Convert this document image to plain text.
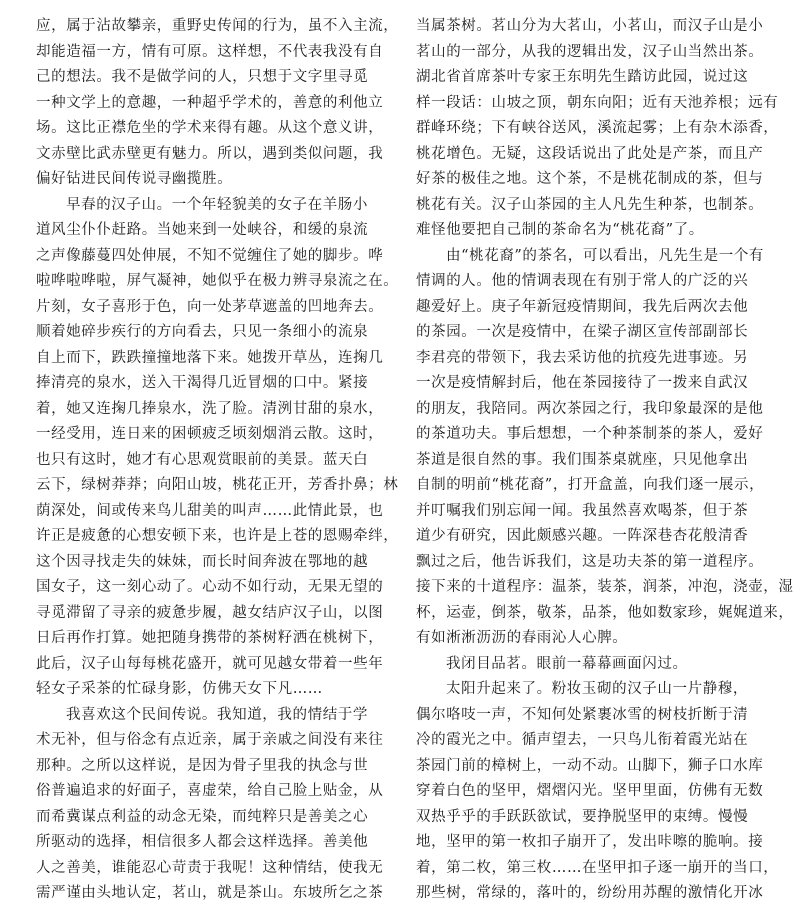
应，属于沾故攀亲，重野史传闻的行为，虽不入主流，
却能造福一方，情有可原。这样想，不代表我没有自
己的想法。我不是做学问的人，只想于文字里寻觅
一种文学上的意趣，一种超乎学术的，善意的利他立
场。这比正襟危坐的学术来得有趣。从这个意义讲，
文赤壁比武赤壁更有魅力。所以，遇到类似问题，我
偏好钻进民间传说寻幽揽胜。
早春的汉子山。一个年轻貌美的女子在羊肠小
道风尘仆仆赶路。当她来到一处峡谷，和缓的泉流
之声像藤蔓四处伸展，不知不觉缠住了她的脚步。哗
啦哗啦哗啦，屏气凝神，她似乎在极力辨寻泉流之在。
片刻，女子喜形于色，向一处茅草遮盖的凹地奔去。
顺着她碎步疾行的方向看去，只见一条细小的流泉
自上而下，跌跌撞撞地落下来。她拨开草丛，连掬几
捧清亮的泉水，送入干渴得几近冒烟的口中。紧接
着，她又连掬几捧泉水，洗了脸。清洌甘甜的泉水，
一经受用，连日来的困顿疲乏顷刻烟消云散。这时，
也只有这时，她才有心思观赏眼前的美景。蓝天白
云下，绿树莽莽；向阳山坡，桃花正开，芳香扑鼻；林
荫深处，间或传来鸟儿甜美的叫声……此情此景，也
许正是疲惫的心想安顿下来，也许是上苍的恩赐牵绊，
这个因寻找走失的妹妹，而长时间奔波在鄂地的越
国女子，这一刻心动了。心动不如行动，无果无望的
寻觅滞留了寻亲的疲惫步履，越女结庐汉子山，以图
日后再作打算。她把随身携带的茶树籽洒在桃树下，
此后，汉子山每每桃花盛开，就可见越女带着一些年
轻女子采茶的忙碌身影，仿佛天女下凡……
我喜欢这个民间传说。我知道，我的情结于学
术无补，但与俗念有点近亲，属于亲戚之间没有来往
那种。之所以这样说，是因为骨子里我的执念与世
俗普遍追求的好面子，喜虚荣，给自己脸上贴金，从
而希冀谋点利益的动念无染，而纯粹只是善美之心
所驱动的选择，相信很多人都会这样选择。善美他
人之善美，谁能忍心苛责于我呢！这种情结，使我无
需严谨由头地认定，茗山，就是茶山。东坡所乞之茶
当属茶树。茗山分为大茗山，小茗山，而汉子山是小
茗山的一部分，从我的逻辑出发，汉子山当然出茶。
湖北省首席茶叶专家王东明先生踏访此园，说过这
样一段话：山坡之顶，朝东向阳；近有天池养根；远有
群峰环绕；下有峡谷送风，溪流起雾；上有杂木添香，
桃花增色。无疑，这段话说出了此处是产茶，而且产
好茶的极佳之地。这个茶，不是桃花制成的茶，但与
桃花有关。汉子山茶园的主人凡先生种茶，也制茶。
难怪他要把自己制的茶命名为“桃花裔”了。
由“桃花裔”的茶名，可以看出，凡先生是一个有
情调的人。他的情调表现在有别于常人的广泛的兴
趣爱好上。庚子年新冠疫情期间，我先后两次去他
的茶园。一次是疫情中，在梁子湖区宣传部副部长
李君亮的带领下，我去采访他的抗疫先进事迹。另
一次是疫情解封后，他在茶园接待了一拨来自武汉
的朋友，我陪同。两次茶园之行，我印象最深的是他
的茶道功夫。事后想想，一个种茶制茶的茶人，爱好
茶道是很自然的事。我们围茶桌就座，只见他拿出
自制的明前“桃花裔”，打开盒盖，向我们逐一展示，
并叮嘱我们别忘闻一闻。我虽然喜欢喝茶，但于茶
道少有研究，因此颇感兴趣。一阵深巷杏花般清香
飘过之后，他告诉我们，这是功夫茶的第一道程序。
接下来的十道程序：温茶，装茶，润茶，冲泡，浇壶，湿
杯，运壶，倒茶，敬茶，品茶，他如数家珍，娓娓道来，
有如淅淅沥沥的春雨沁人心脾。
我闭目品茗。眼前一幕幕画面闪过。
太阳升起来了。粉妆玉砌的汉子山一片静穆，
偶尔咯吱一声，不知何处紧裹冰雪的树枝折断于清
冷的霞光之中。循声望去，一只鸟儿衔着霞光站在
茶园门前的樟树上，一动不动。山脚下，狮子口水库
穿着白色的坚甲，熠熠闪光。坚甲里面，仿佛有无数
双热乎乎的手跃跃欲试，要挣脱坚甲的束缚。慢慢
地，坚甲的第一枚扣子崩开了，发出咔嚓的脆响。接
着，第二枚，第三枚……在坚甲扣子逐一崩开的当口，
那些树，常绿的，落叶的，纷纷用苏醒的激情化开冰
